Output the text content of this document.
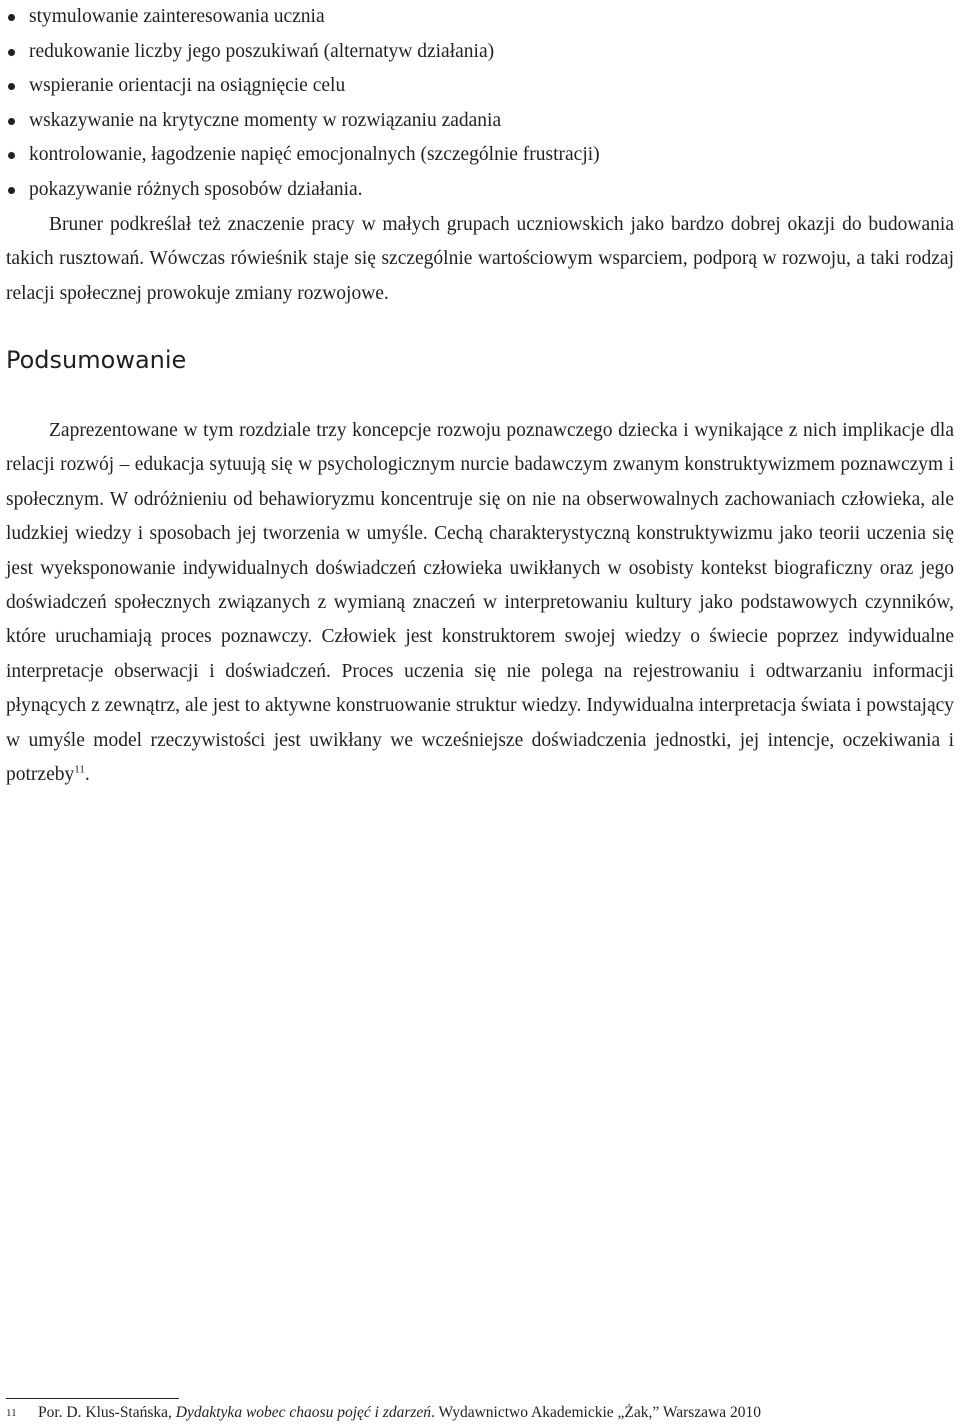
stymulowanie zainteresowania ucznia
redukowanie liczby jego poszukiwań (alternatyw działania)
wspieranie orientacji na osiągnięcie celu
wskazywanie na krytyczne momenty w rozwiązaniu zadania
kontrolowanie, łagodzenie napięć emocjonalnych (szczególnie frustracji)
pokazywanie różnych sposobów działania.

Bruner podkreślał też znaczenie pracy w małych grupach uczniowskich jako bardzo dobrej okazji do budowania takich rusztowań. Wówczas rówieśnik staje się szczególnie wartościowym wsparciem, podporą w rozwoju, a taki rodzaj relacji społecznej prowokuje zmiany rozwojowe.

Podsumowanie

Zaprezentowane w tym rozdziale trzy koncepcje rozwoju poznawczego dziecka i wynikające z nich implikacje dla relacji rozwój – edukacja sytuują się w psychologicznym nurcie badawczym zwanym konstruktywizmem poznawczym i społecznym. W odróżnieniu od behawioryzmu koncentruje się on nie na obserwowalnych zachowaniach człowieka, ale ludzkiej wiedzy i sposobach jej tworzenia w umyśle. Cechą charakterystyczną konstruktywizmu jako teorii uczenia się jest wyeksponowanie indywidualnych doświadczeń człowieka uwikłanych w osobisty kontekst biograficzny oraz jego doświadczeń społecznych związanych z wymianą znaczeń w interpretowaniu kultury jako podstawowych czynników, które uruchamiają proces poznawczy. Człowiek jest konstruktorem swojej wiedzy o świecie poprzez indywidualne interpretacje obserwacji i doświadczeń. Proces uczenia się nie polega na rejestrowaniu i odtwarzaniu informacji płynących z zewnątrz, ale jest to aktywne konstruowanie struktur wiedzy. Indywidualna interpretacja świata i powstający w umyśle model rzeczywistości jest uwikłany we wcześniejsze doświadczenia jednostki, jej intencje, oczekiwania i potrzeby$^{11}$.

11 Por. D. Klus-Stańska, Dydaktyka wobec chaosu pojęć i zdarzeń. Wydawnictwo Akademickie „Żak,” Warszawa 2010
